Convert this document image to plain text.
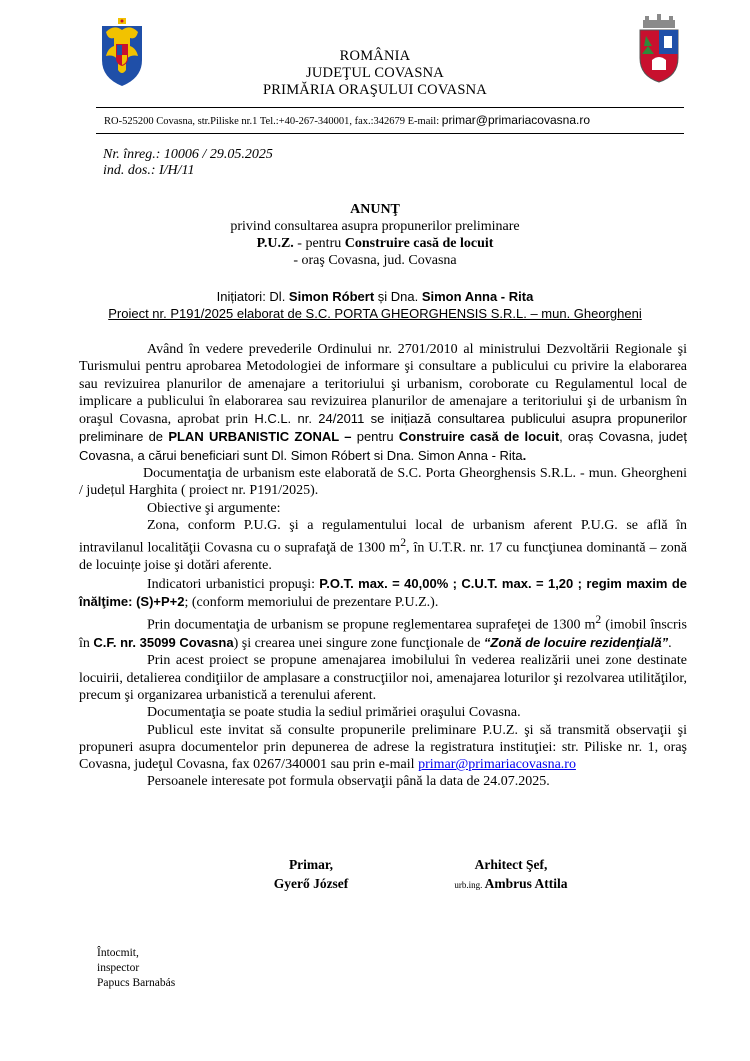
ROMÂNIA
JUDEŢUL COVASNA
PRIMĂRIA ORAŞULUI COVASNA
RO-525200 Covasna, str.Piliske nr.1 Tel.:+40-267-340001, fax.:342679 E-mail: primar@primariacovasna.ro
Nr. înreg.: 10006 / 29.05.2025
ind. dos.: I/H/11
ANUNŢ
privind consultarea asupra propunerilor preliminare
P.U.Z. - pentru Construire casă de locuit
- oraş Covasna, jud. Covasna
Inițiatori: Dl. Simon Róbert și Dna. Simon Anna - Rita
Proiect nr. P191/2025 elaborat de S.C. PORTA GHEORGHENSIS S.R.L. – mun. Gheorgheni

Având în vedere prevederile Ordinului nr. 2701/2010 al ministrului Dezvoltării Regionale şi Turismului pentru aprobarea Metodologiei de informare şi consultare a publicului cu privire la elaborarea sau revizuirea planurilor de amenajare a teritoriului şi urbanism, coroborate cu Regulamentul local de implicare a publicului în elaborarea sau revizuirea planurilor de amenajare a teritoriului şi de urbanism în oraşul Covasna, aprobat prin H.C.L. nr. 24/2011 se inițiază consultarea publicului asupra propunerilor preliminare de PLAN URBANISTIC ZONAL – pentru Construire casă de locuit, oraș Covasna, județ Covasna, a cărui beneficiari sunt Dl. Simon Róbert si Dna. Simon Anna - Rita.

Documentaţia de urbanism este elaborată de S.C. Porta Gheorghensis S.R.L. - mun. Gheorgheni / județul Harghita ( proiect nr. P191/2025).

Obiective şi argumente:

Zona, conform P.U.G. şi a regulamentului local de urbanism aferent P.U.G. se află în intravilanul localităţii Covasna cu o suprafaţă de 1300 $m^2$, în U.T.R. nr. 17 cu funcţiunea dominantă – zonă de locuințe joise şi dotări aferente.

Indicatori urbanistici propuşi: P.O.T. max. = 40,00% ; C.U.T. max. = 1,20 ; regim maxim de înălţime: (S)+P+2; (conform memoriului de prezentare P.U.Z.).

Prin documentaţia de urbanism se propune reglementarea suprafeţei de 1300 $m^2$ (imobil înscris în C.F. nr. 35099 Covasna) şi crearea unei singure zone funcţionale de “Zonă de locuire rezidenţială”.

Prin acest proiect se propune amenajarea imobilului în vederea realizării unei zone destinate locuirii, detalierea condiţiilor de amplasare a construcţiilor noi, amenajarea loturilor şi rezolvarea utilităţilor, precum şi organizarea urbanistică a terenului aferent.

Documentaţia se poate studia la sediul primăriei oraşului Covasna.

Publicul este invitat să consulte propunerile preliminare P.U.Z. şi să transmită observaţii şi propuneri asupra documentelor prin depunerea de adrese la registratura instituţiei: str. Piliske nr. 1, oraş Covasna, judeţul Covasna, fax 0267/340001 sau prin e-mail primar@primariacovasna.ro

Persoanele interesate pot formula observaţii până la data de 24.07.2025.

Primar,
Gyerő József
Arhitect Şef,
urb.ing. Ambrus Attila
Întocmit,
inspector
Papucs Barnabás
